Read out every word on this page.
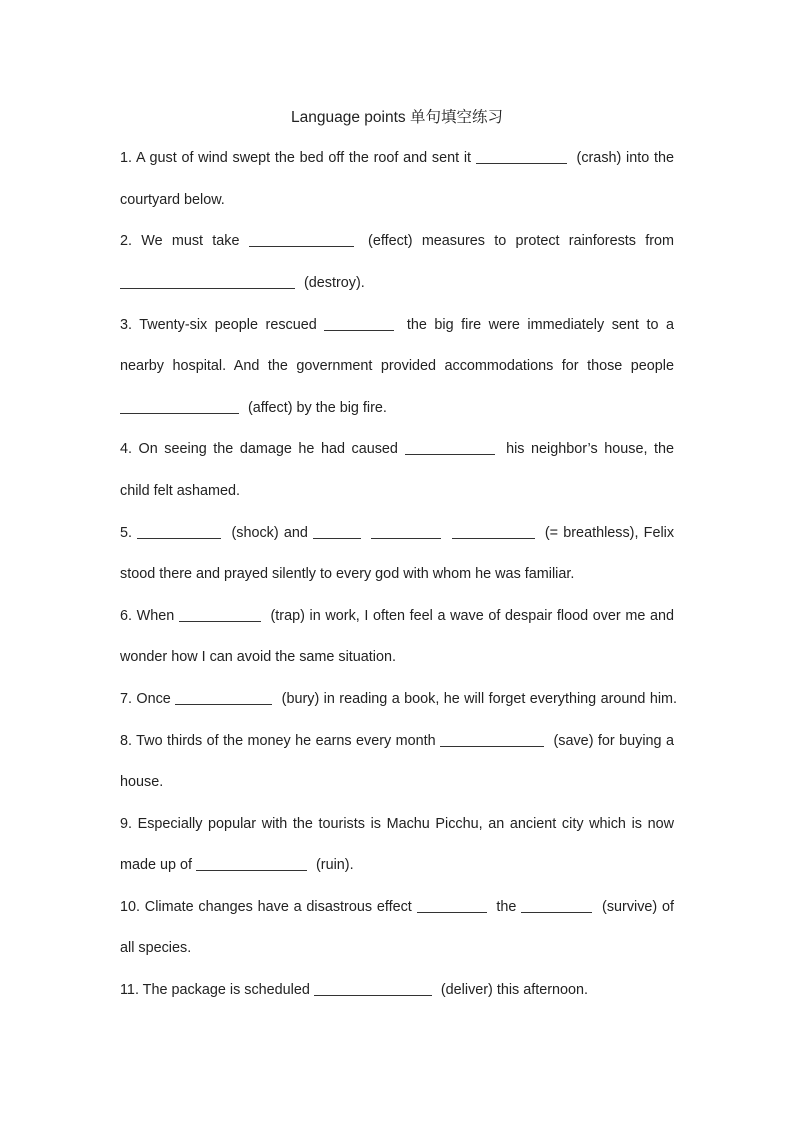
Language points 单句填空练习
1. A gust of wind swept the bed off the roof and sent it	(crash) into the
courtyard below.
2. We must take	(effect) measures to protect rainforests from
(destroy).
3. Twenty-six people rescued	the big fire were immediately sent to a
nearby hospital. And the government provided accommodations for those people
(affect) by the big fire.
4. On seeing the damage he had caused	his neighbor’s house, the
child felt ashamed.
5.	(shock) and	(= breathless), Felix
stood there and prayed silently to every god with whom he was familiar.
6. When	(trap) in work, I often feel a wave of despair flood over me and
wonder how I can avoid the same situation.
7. Once	(bury) in reading a book, he will forget everything around him.
8. Two thirds of the money he earns every month	(save) for buying a
house.
9. Especially popular with the tourists is Machu Picchu, an ancient city which is now
made up of	(ruin).
10. Climate changes have a disastrous effect	the	(survive) of
all species.
11. The package is scheduled	(deliver) this afternoon.
